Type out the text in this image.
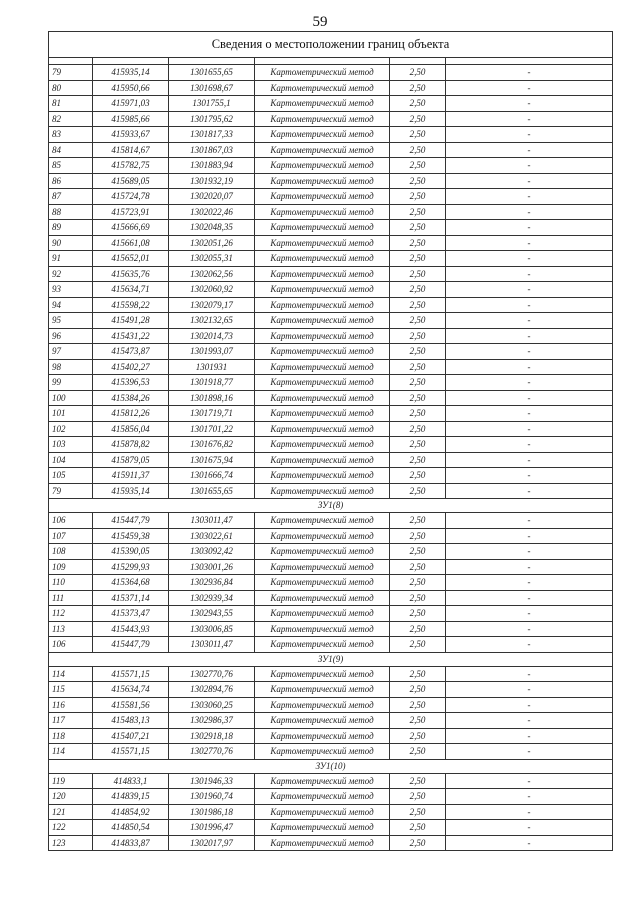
59
Сведения о местоположении границ объекта					

79	415935,14	1301655,65	Картометрический метод	2,50	-
80	415950,66	1301698,67	Картометрический метод	2,50	-
81	415971,03	1301755,1	Картометрический метод	2,50	-
82	415985,66	1301795,62	Картометрический метод	2,50	-
83	415933,67	1301817,33	Картометрический метод	2,50	-
84	415814,67	1301867,03	Картометрический метод	2,50	-
85	415782,75	1301883,94	Картометрический метод	2,50	-
86	415689,05	1301932,19	Картометрический метод	2,50	-
87	415724,78	1302020,07	Картометрический метод	2,50	-
88	415723,91	1302022,46	Картометрический метод	2,50	-
89	415666,69	1302048,35	Картометрический метод	2,50	-
90	415661,08	1302051,26	Картометрический метод	2,50	-
91	415652,01	1302055,31	Картометрический метод	2,50	-
92	415635,76	1302062,56	Картометрический метод	2,50	-
93	415634,71	1302060,92	Картометрический метод	2,50	-
94	415598,22	1302079,17	Картометрический метод	2,50	-
95	415491,28	1302132,65	Картометрический метод	2,50	-
96	415431,22	1302014,73	Картометрический метод	2,50	-
97	415473,87	1301993,07	Картометрический метод	2,50	-
98	415402,27	1301931	Картометрический метод	2,50	-
99	415396,53	1301918,77	Картометрический метод	2,50	-
100	415384,26	1301898,16	Картометрический метод	2,50	-
101	415812,26	1301719,71	Картометрический метод	2,50	-
102	415856,04	1301701,22	Картометрический метод	2,50	-
103	415878,82	1301676,82	Картометрический метод	2,50	-
104	415879,05	1301675,94	Картометрический метод	2,50	-
105	415911,37	1301666,74	Картометрический метод	2,50	-
79	415935,14	1301655,65	Картометрический метод	2,50	-
ЗУ1(8)					
106	415447,79	1303011,47	Картометрический метод	2,50	-
107	415459,38	1303022,61	Картометрический метод	2,50	-
108	415390,05	1303092,42	Картометрический метод	2,50	-
109	415299,93	1303001,26	Картометрический метод	2,50	-
110	415364,68	1302936,84	Картометрический метод	2,50	-
111	415371,14	1302939,34	Картометрический метод	2,50	-
112	415373,47	1302943,55	Картометрический метод	2,50	-
113	415443,93	1303006,85	Картометрический метод	2,50	-
106	415447,79	1303011,47	Картометрический метод	2,50	-
ЗУ1(9)					
114	415571,15	1302770,76	Картометрический метод	2,50	-
115	415634,74	1302894,76	Картометрический метод	2,50	-
116	415581,56	1303060,25	Картометрический метод	2,50	-
117	415483,13	1302986,37	Картометрический метод	2,50	-
118	415407,21	1302918,18	Картометрический метод	2,50	-
114	415571,15	1302770,76	Картометрический метод	2,50	-
ЗУ1(10)					
119	414833,1	1301946,33	Картометрический метод	2,50	-
120	414839,15	1301960,74	Картометрический метод	2,50	-
121	414854,92	1301986,18	Картометрический метод	2,50	-
122	414850,54	1301996,47	Картометрический метод	2,50	-
123	414833,87	1302017,97	Картометрический метод	2,50	-
